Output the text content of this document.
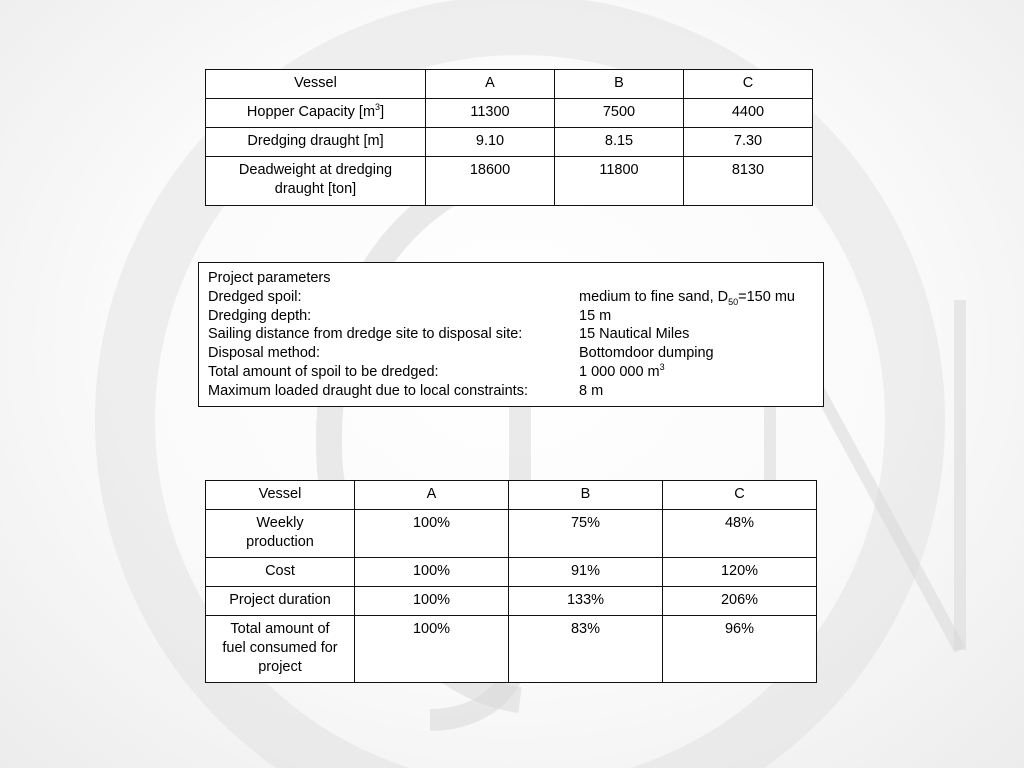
Vessel	A	B	C
Hopper Capacity $[m^3]$	11300	7500	4400
Dredging draught [m]	9.10	8.15	7.30
Deadweight at dredging
draught [ton]	18600	11800	8130
Project parameters
Dredged spoil:	medium to fine sand, $D_{50}=150$ mu
Dredging depth:	15 m
Sailing distance from dredge site to disposal site:	15 Nautical Miles
Disposal method:	Bottomdoor dumping
Total amount of spoil to be dredged:	1 000 000 $m^3$
Maximum loaded draught due to local constraints:	8 m
Vessel	A	B	C
Weekly
production	100%	75%	48%
Cost	100%	91%	120%
Project duration	100%	133%	206%
Total amount of
fuel consumed for
project	100%	83%	96%
